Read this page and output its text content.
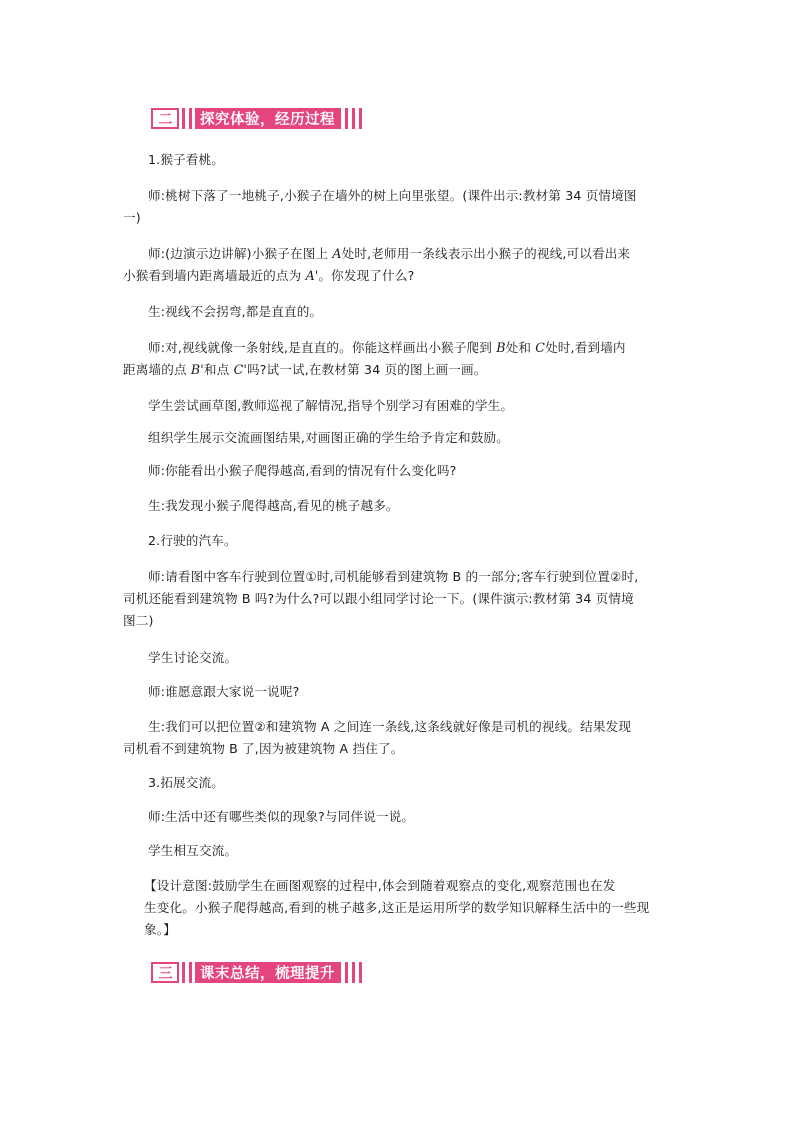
二	探究体验，经历过程
1.猴子看桃。
师:桃树下落了一地桃子,小猴子在墙外的树上向里张望。(课件出示:教材第 34 页情境图
一)
师:(边演示边讲解)小猴子在图上 A处时,老师用一条线表示出小猴子的视线,可以看出来
小猴看到墙内距离墙最近的点为 A'。你发现了什么?
生:视线不会拐弯,都是直直的。
师:对,视线就像一条射线,是直直的。你能这样画出小猴子爬到 B处和 C处时,看到墙内
距离墙的点 B'和点 C'吗?试一试,在教材第 34 页的图上画一画。
学生尝试画草图,教师巡视了解情况,指导个别学习有困难的学生。
组织学生展示交流画图结果,对画图正确的学生给予肯定和鼓励。
师:你能看出小猴子爬得越高,看到的情况有什么变化吗?
生:我发现小猴子爬得越高,看见的桃子越多。
2.行驶的汽车。
师:请看图中客车行驶到位置①时,司机能够看到建筑物 B 的一部分;客车行驶到位置②时,
司机还能看到建筑物 B 吗?为什么?可以跟小组同学讨论一下。(课件演示:教材第 34 页情境
图二)
学生讨论交流。
师:谁愿意跟大家说一说呢?
生:我们可以把位置②和建筑物 A 之间连一条线,这条线就好像是司机的视线。结果发现
司机看不到建筑物 B 了,因为被建筑物 A 挡住了。
3.拓展交流。
师:生活中还有哪些类似的现象?与同伴说一说。
学生相互交流。
【设计意图:鼓励学生在画图观察的过程中,体会到随着观察点的变化,观察范围也在发
生变化。小猴子爬得越高,看到的桃子越多,这正是运用所学的数学知识解释生活中的一些现
象。】
三	课末总结，梳理提升
